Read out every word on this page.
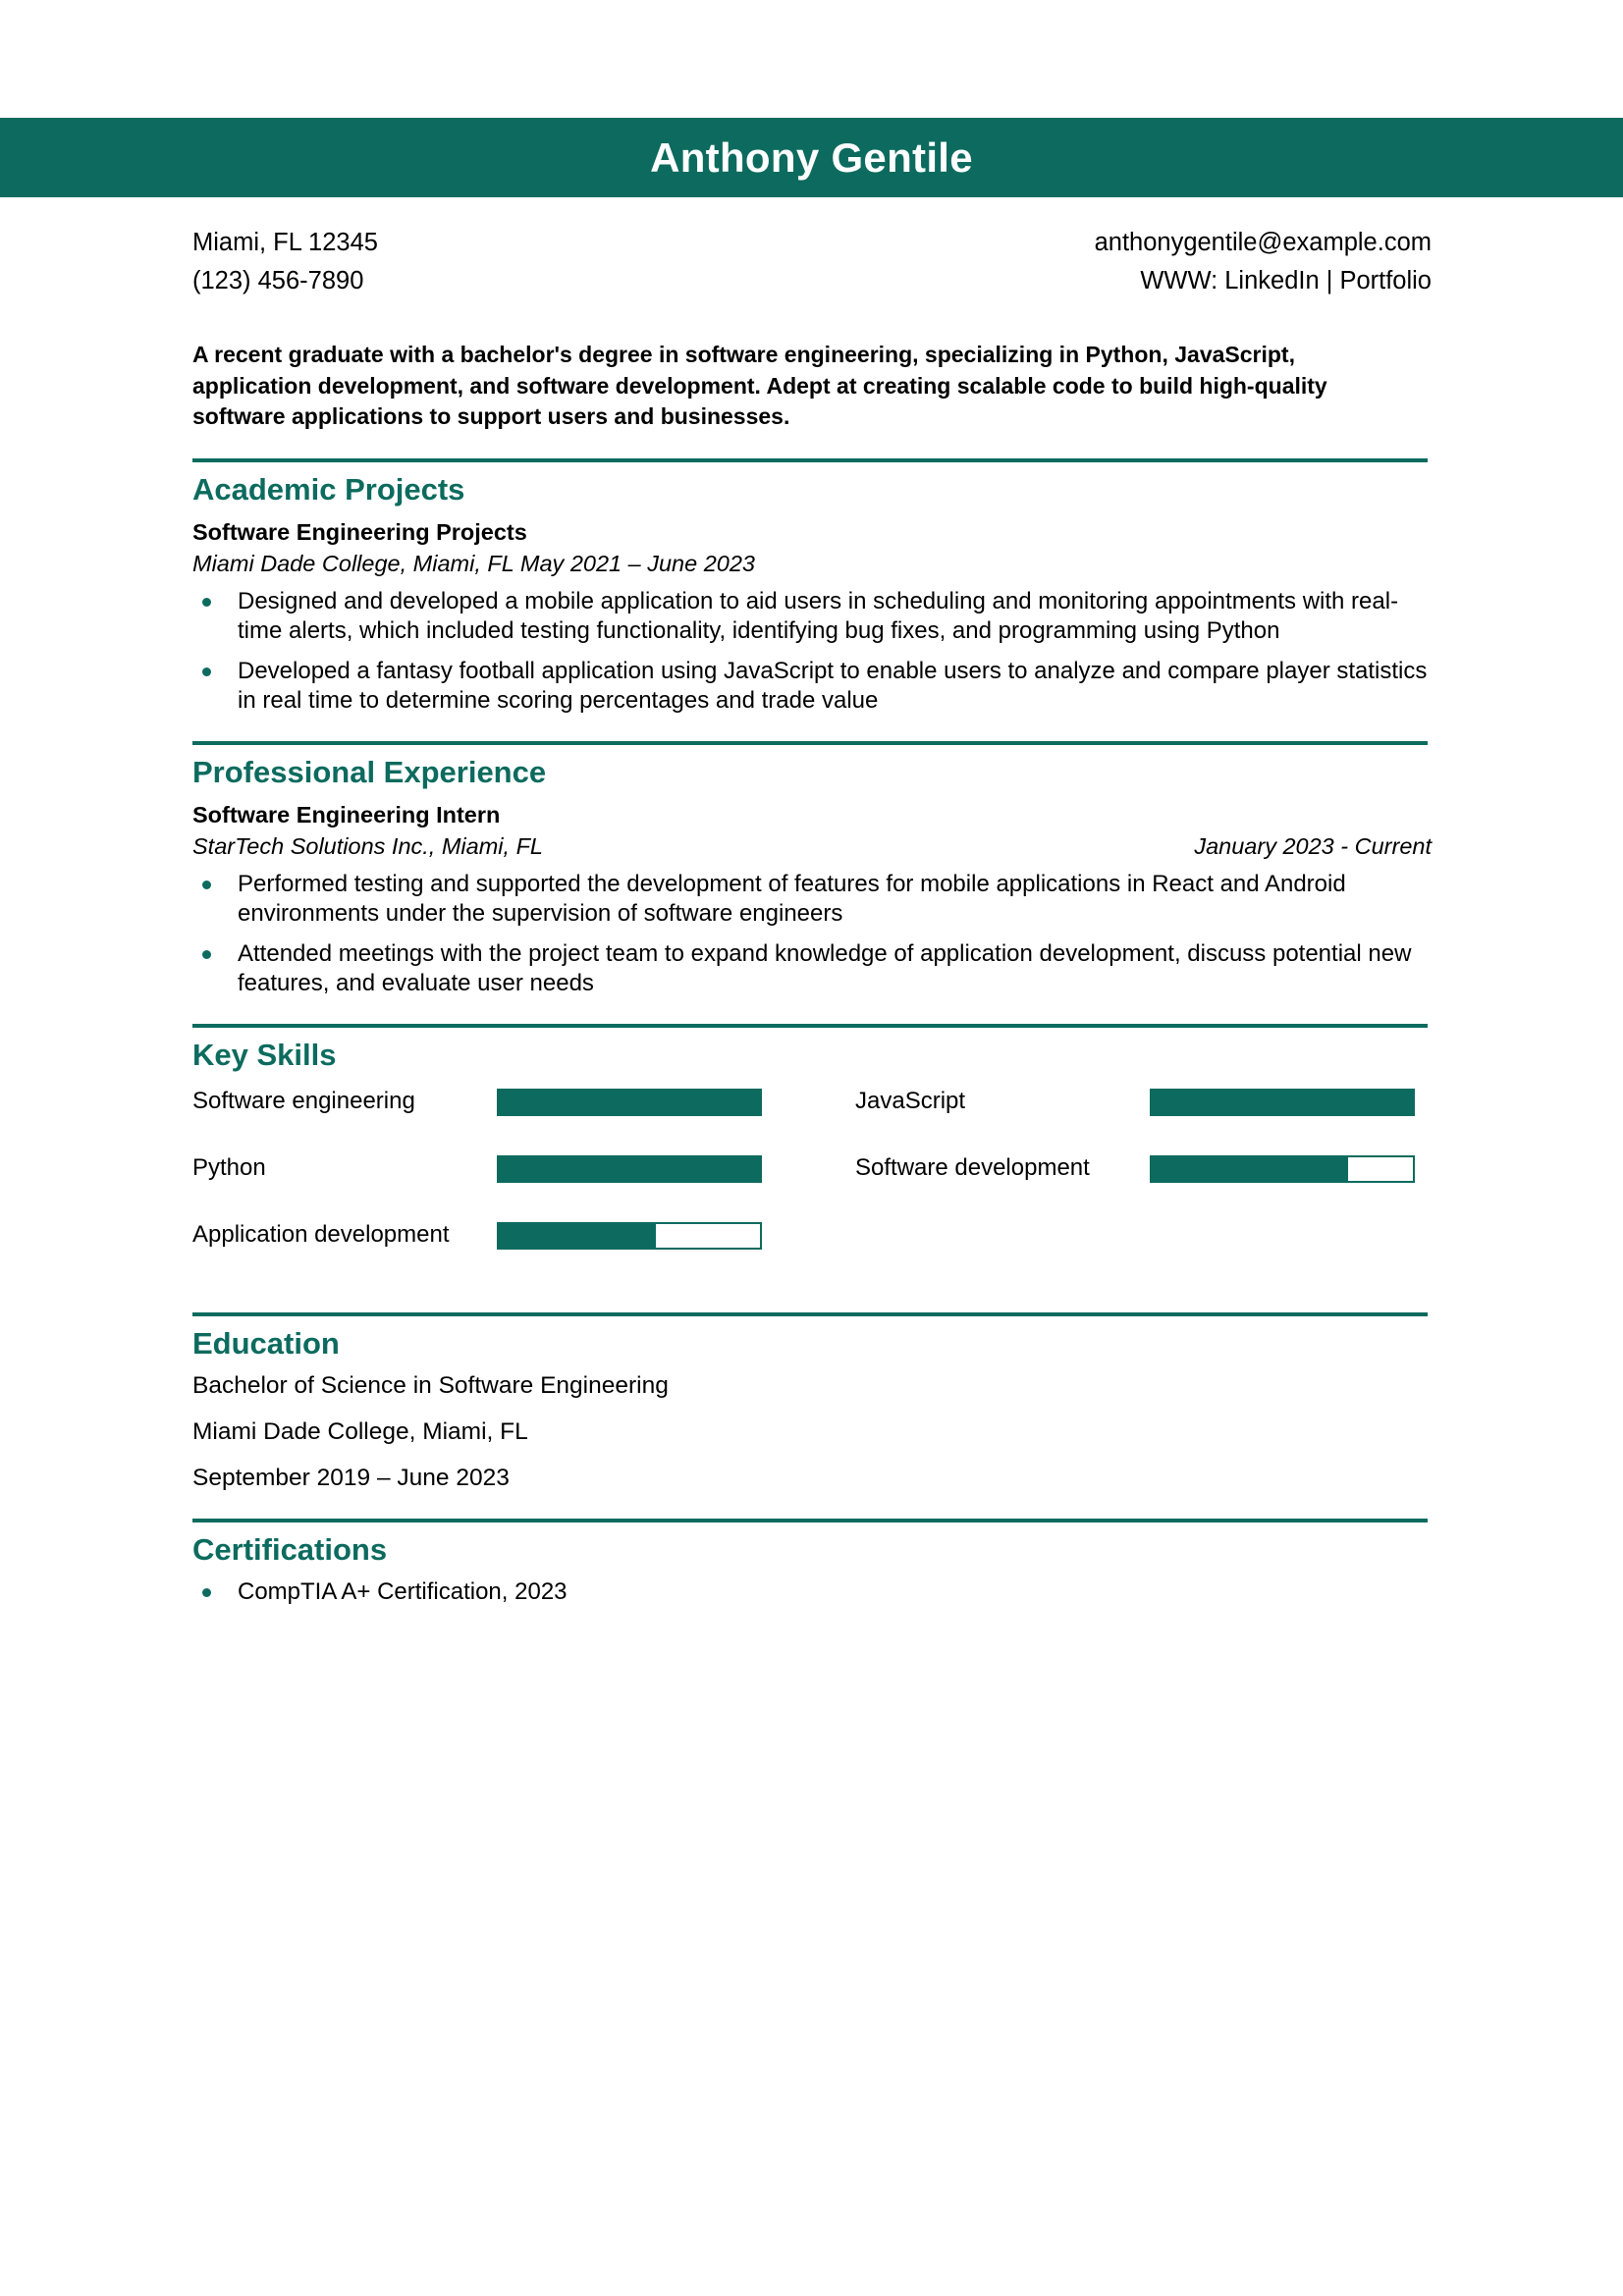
Anthony Gentile
Miami, FL 12345	anthonygentile@example.com
(123) 456-7890	WWW: LinkedIn | Portfolio
A recent graduate with a bachelor's degree in software engineering, specializing in Python, JavaScript, application development, and software development. Adept at creating scalable code to build high-quality software applications to support users and businesses.
Academic Projects
Software Engineering Projects
Miami Dade College, Miami, FL May 2021 – June 2023
Designed and developed a mobile application to aid users in scheduling and monitoring appointments with real-time alerts, which included testing functionality, identifying bug fixes, and programming using Python
Developed a fantasy football application using JavaScript to enable users to analyze and compare player statistics in real time to determine scoring percentages and trade value
Professional Experience
Software Engineering Intern
StarTech Solutions Inc., Miami, FL	January 2023 - Current
Performed testing and supported the development of features for mobile applications in React and Android environments under the supervision of software engineers
Attended meetings with the project team to expand knowledge of application development, discuss potential new features, and evaluate user needs
Key Skills
Software engineering
Python
Application development
JavaScript
Software development
Education
Bachelor of Science in Software Engineering
Miami Dade College, Miami, FL
September 2019 – June 2023
Certifications
CompTIA A+ Certification, 2023
